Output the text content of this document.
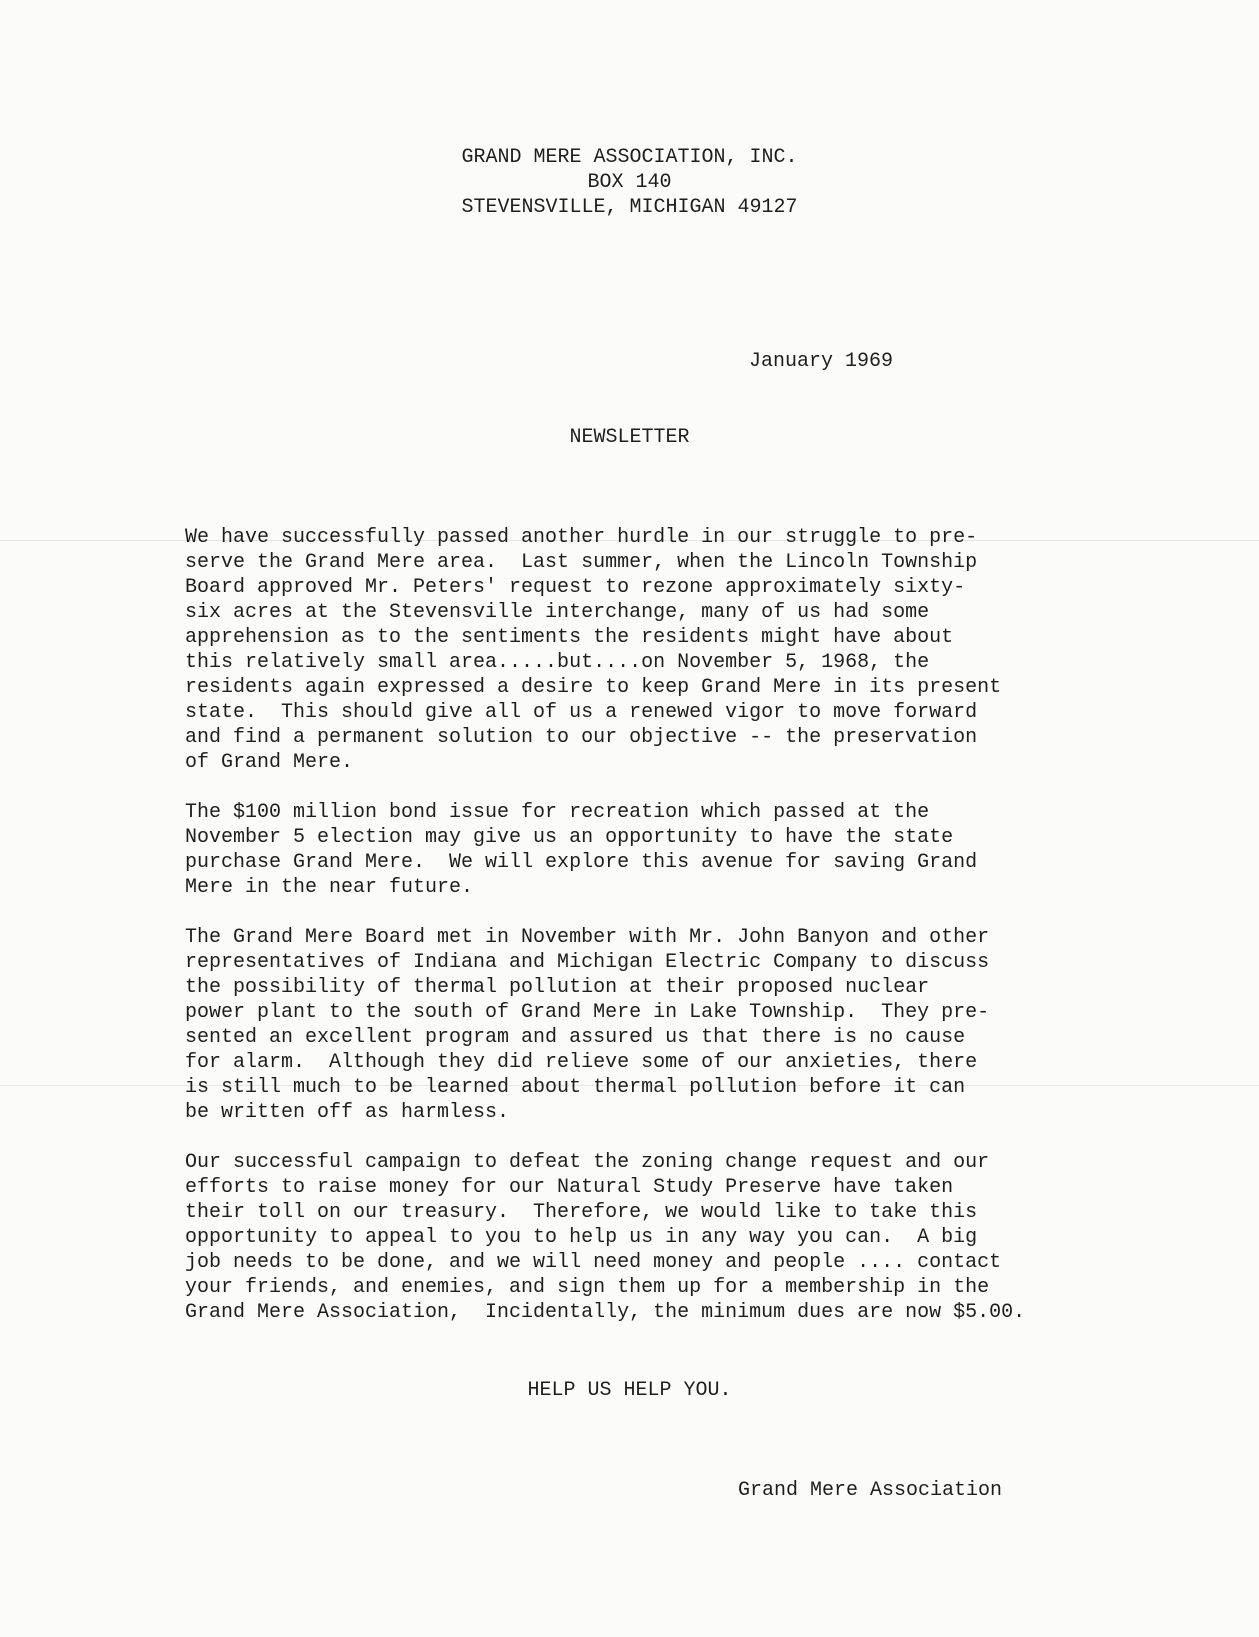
GRAND MERE ASSOCIATION, INC.
BOX 140
STEVENSVILLE, MICHIGAN 49127
January 1969
NEWSLETTER
We have successfully passed another hurdle in our struggle to pre-
serve the Grand Mere area.  Last summer, when the Lincoln Township
Board approved Mr. Peters' request to rezone approximately sixty-
six acres at the Stevensville interchange, many of us had some
apprehension as to the sentiments the residents might have about
this relatively small area.....but....on November 5, 1968, the
residents again expressed a desire to keep Grand Mere in its present
state.  This should give all of us a renewed vigor to move forward
and find a permanent solution to our objective -- the preservation
of Grand Mere.
The $100 million bond issue for recreation which passed at the
November 5 election may give us an opportunity to have the state
purchase Grand Mere.  We will explore this avenue for saving Grand
Mere in the near future.
The Grand Mere Board met in November with Mr. John Banyon and other
representatives of Indiana and Michigan Electric Company to discuss
the possibility of thermal pollution at their proposed nuclear
power plant to the south of Grand Mere in Lake Township.  They pre-
sented an excellent program and assured us that there is no cause
for alarm.  Although they did relieve some of our anxieties, there
is still much to be learned about thermal pollution before it can
be written off as harmless.
Our successful campaign to defeat the zoning change request and our
efforts to raise money for our Natural Study Preserve have taken
their toll on our treasury.  Therefore, we would like to take this
opportunity to appeal to you to help us in any way you can.  A big
job needs to be done, and we will need money and people .... contact
your friends, and enemies, and sign them up for a membership in the
Grand Mere Association,  Incidentally, the minimum dues are now $5.00.
HELP US HELP YOU.
Grand Mere Association
